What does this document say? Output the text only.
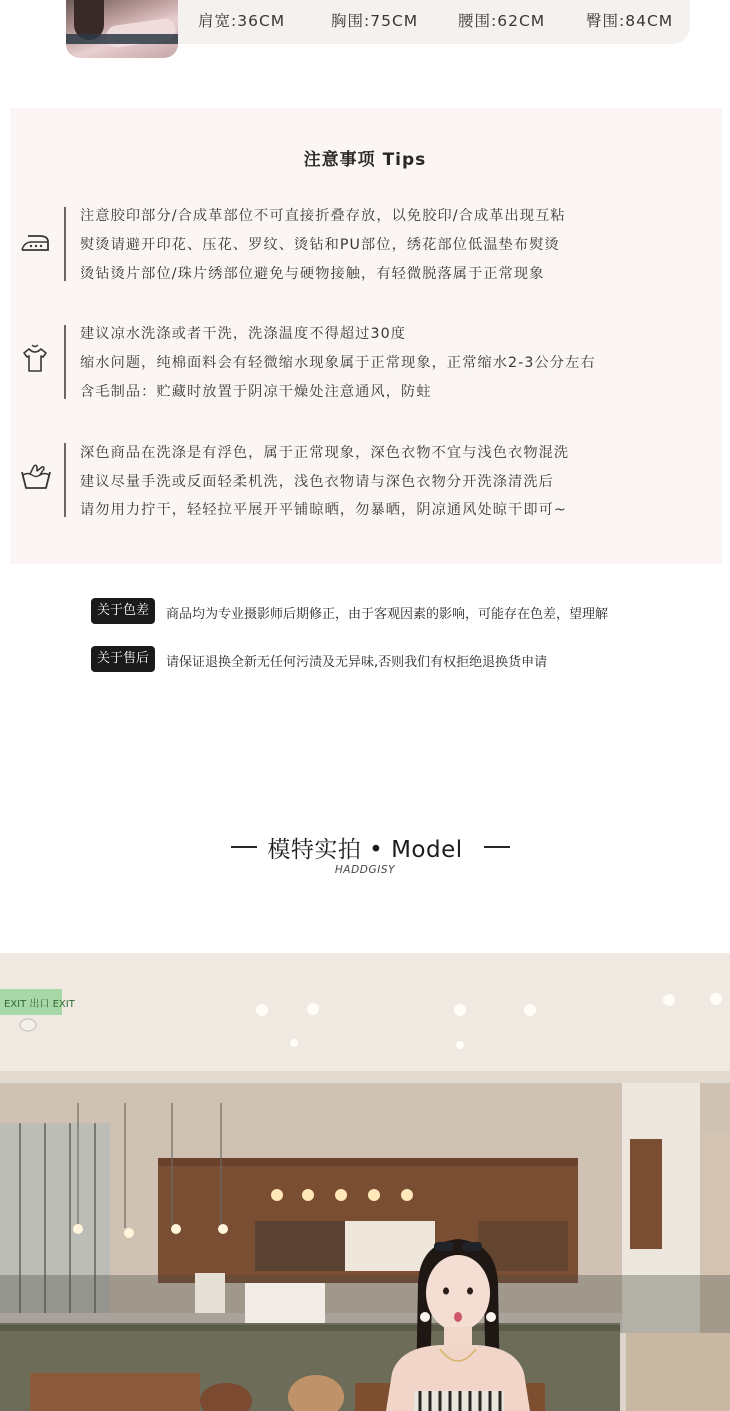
肩宽:36CM	胸围:75CM	腰围:62CM	臀围:84CM
注意事项 Tips
注意胶印部分/合成革部位不可直接折叠存放，以免胶印/合成革出现互粘
熨烫请避开印花、压花、罗纹、烫钻和PU部位，绣花部位低温垫布熨烫
烫钻烫片部位/珠片绣部位避免与硬物接触，有轻微脱落属于正常现象
建议凉水洗涤或者干洗，洗涤温度不得超过30度
缩水问题，纯棉面料会有轻微缩水现象属于正常现象，正常缩水2-3公分左右
含毛制品：贮藏时放置于阴凉干燥处注意通风，防蛀
深色商品在洗涤是有浮色，属于正常现象，深色衣物不宜与浅色衣物混洗
建议尽量手洗或反面轻柔机洗，浅色衣物请与深色衣物分开洗涤清洗后
请勿用力拧干，轻轻拉平展开平铺晾晒，勿暴晒，阴凉通风处晾干即可~
关于色差	商品均为专业摄影师后期修正，由于客观因素的影响，可能存在色差，望理解
关于售后	请保证退换全新无任何污渍及无异味,否则我们有权拒绝退换货申请
模特实拍 • Model
HADDGISY
EXIT 出口 EXIT
